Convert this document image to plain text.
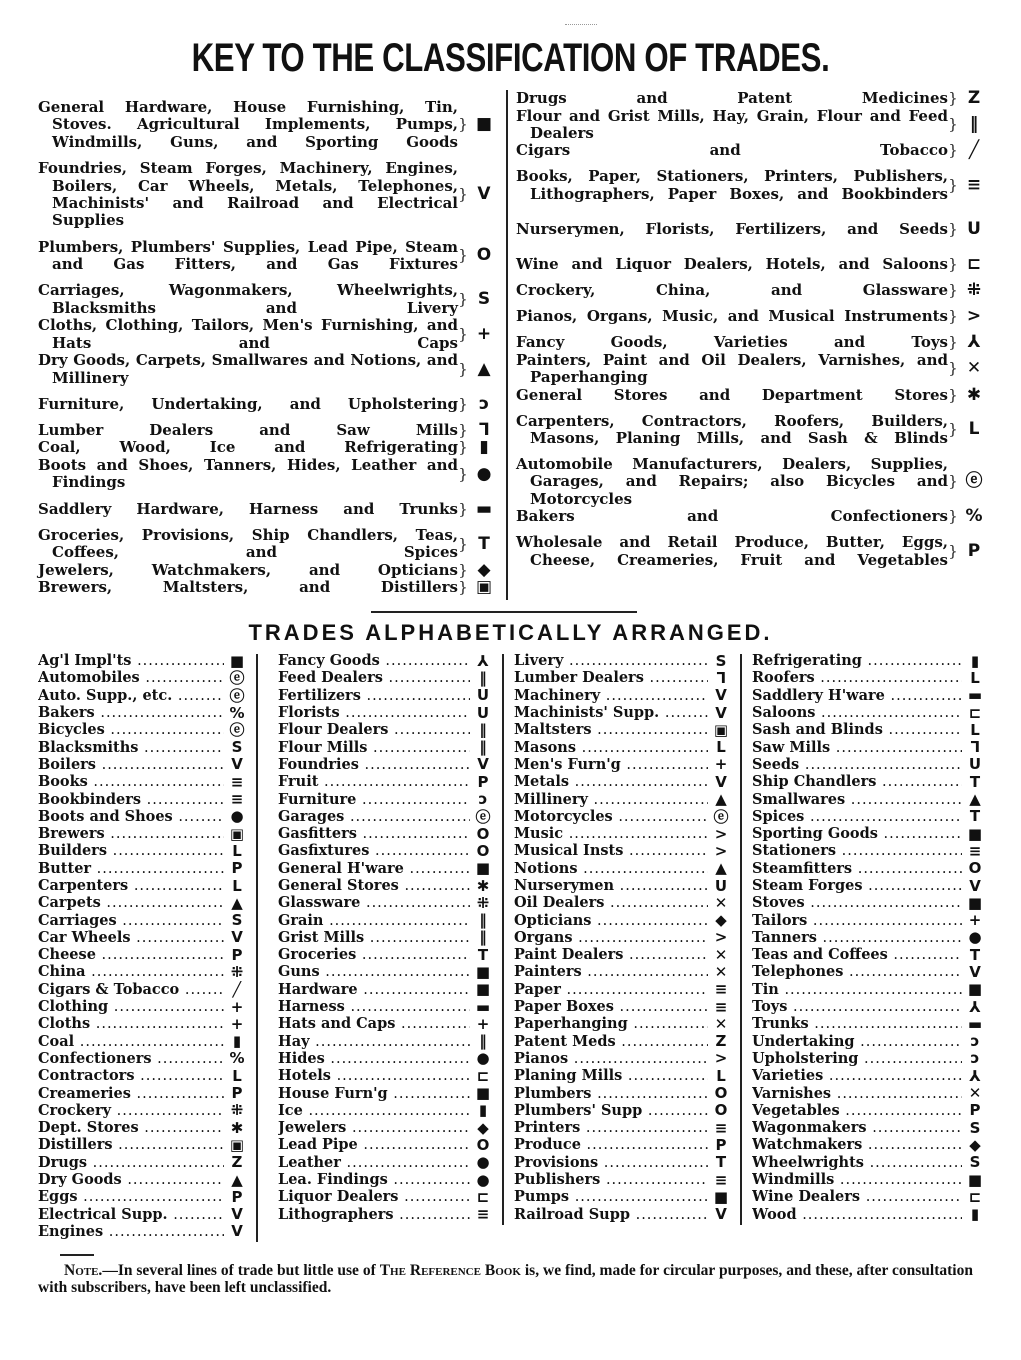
KEY TO THE CLASSIFICATION OF TRADES.
General Hardware, House Furnishing, Tin, Stoves. Agricultural Implements, Pumps, Windmills, Guns, and Sporting Goods
} ■
Foundries, Steam Forges, Machinery, Engines, Boilers, Car Wheels, Metals, Telephones, Machinists' and Railroad and Electrical Supplies
} V
Plumbers, Plumbers' Supplies, Lead Pipe, Steam and Gas Fitters, and Gas Fixtures } O
Carriages, Wagonmakers, Wheelwrights, Blacksmiths and Livery } S
Cloths, Clothing, Tailors, Men's Furnishing, and Hats and Caps } +
Dry Goods, Carpets, Smallwares and Notions, and Millinery	} ▲
Furniture, Undertaking, and Upholstering } ɔ
Lumber Dealers and Saw Mills } ⅂
Coal, Wood, Ice and Refrigerating } ▮
Boots and Shoes, Tanners, Hides, Leather and Findings	} ●
Saddlery Hardware, Harness and Trunks } ▬
Groceries, Provisions, Ship Chandlers, Teas, Coffees, and Spices } T
Jewelers, Watchmakers, and Opticians } ◆
Brewers, Maltsters, and Distillers } ▣
Drugs and Patent Medicines } Z
Flour and Grist Mills, Hay, Grain, Flour and Feed Dealers	} ‖
Cigars and Tobacco } ╱
Books, Paper, Stationers, Printers, Publishers, Lithographers, Paper Boxes, and Bookbinders } ≡
Nurserymen, Florists, Fertilizers, and Seeds } U
Wine and Liquor Dealers, Hotels, and Saloons } ⊏
Crockery, China, and Glassware } ⁜
Pianos, Organs, Music, and Musical Instruments } >
Fancy Goods, Varieties and Toys } ⅄
Painters, Paint and Oil Dealers, Varnishes, and Paperhanging	} ✕
General Stores and Department Stores } ✱
Carpenters, Contractors, Roofers, Builders, Masons, Planing Mills, and Sash & Blinds } L
Automobile Manufacturers, Dealers, Supplies, Garages, and Repairs; also Bicycles and Motorcycles
} ⓔ
Bakers and Confectioners } %
Wholesale and Retail Produce, Butter, Eggs, Cheese, Creameries, Fruit and Vegetables } P
TRADES ALPHABETICALLY ARRANGED.
Ag'l Impl'ts .....	■
Automobiles .....	ⓔ
Auto. Supp., etc. .....	ⓔ
Bakers .....	%
Bicycles .....	ⓔ
Blacksmiths .....	S
Boilers .....	V
Books .....	≡
Bookbinders .....	≡
Boots and Shoes .....	●
Brewers .....	▣
Builders .....	L
Butter .....	P
Carpenters .....	L
Carpets .....	▲
Carriages .....	S
Car Wheels .....	V
Cheese .....	P
China .....	⁜
Cigars & Tobacco .....	╱
Clothing .....	+
Cloths .....	+
Coal .....	▮
Confectioners .....	%
Contractors .....	L
Creameries .....	P
Crockery .....	⁜
Dept. Stores .....	✱
Distillers .....	▣
Drugs .....	Z
Dry Goods .....	▲
Eggs .....	P
Electrical Supp. .....	V
Engines .....	V
Fancy Goods .....	⅄
Feed Dealers .....	‖
Fertilizers .....	U
Florists .....	U
Flour Dealers .....	‖
Flour Mills .....	‖
Foundries .....	V
Fruit .....	P
Furniture .....	ɔ
Garages .....	ⓔ
Gasfitters .....	O
Gasfixtures .....	O
General H'ware .....	■
General Stores .....	✱
Glassware .....	⁜
Grain .....	‖
Grist Mills .....	‖
Groceries .....	T
Guns .....	■
Hardware .....	■
Harness .....	▬
Hats and Caps .....	+
Hay .....	‖
Hides .....	●
Hotels .....	⊏
House Furn'g .....	■
Ice .....	▮
Jewelers .....	◆
Lead Pipe .....	O
Leather .....	●
Lea. Findings .....	●
Liquor Dealers .....	⊏
Lithographers .....	≡
Livery .....	S
Lumber Dealers .....	⅂
Machinery .....	V
Machinists' Supp. .....	V
Maltsters .....	▣
Masons .....	L
Men's Furn'g .....	+
Metals .....	V
Millinery .....	▲
Motorcycles .....	ⓔ
Music .....	>
Musical Insts .....	>
Notions .....	▲
Nurserymen .....	U
Oil Dealers .....	✕
Opticians .....	◆
Organs .....	>
Paint Dealers .....	✕
Painters .....	✕
Paper .....	≡
Paper Boxes .....	≡
Paperhanging .....	✕
Patent Meds .....	Z
Pianos .....	>
Planing Mills .....	L
Plumbers .....	O
Plumbers' Supp .....	O
Printers .....	≡
Produce .....	P
Provisions .....	T
Publishers .....	≡
Pumps .....	■
Railroad Supp .....	V
Refrigerating .....	▮
Roofers .....	L
Saddlery H'ware .....	▬
Saloons .....	⊏
Sash and Blinds .....	L
Saw Mills .....	⅂
Seeds .....	U
Ship Chandlers .....	T
Smallwares .....	▲
Spices .....	T
Sporting Goods .....	■
Stationers .....	≡
Steamfitters .....	O
Steam Forges .....	V
Stoves .....	■
Tailors .....	+
Tanners .....	●
Teas and Coffees .....	T
Telephones .....	V
Tin .....	■
Toys .....	⅄
Trunks .....	▬
Undertaking .....	ɔ
Upholstering .....	ɔ
Varieties .....	⅄
Varnishes .....	✕
Vegetables .....	P
Wagonmakers .....	S
Watchmakers .....	◆
Wheelwrights .....	S
Windmills .....	■
Wine Dealers .....	⊏
Wood .....	▮
Note.—In several lines of trade but little use of The Reference Book is, we find, made for circular purposes, and these, after consultation with subscribers, have been left unclassified.
